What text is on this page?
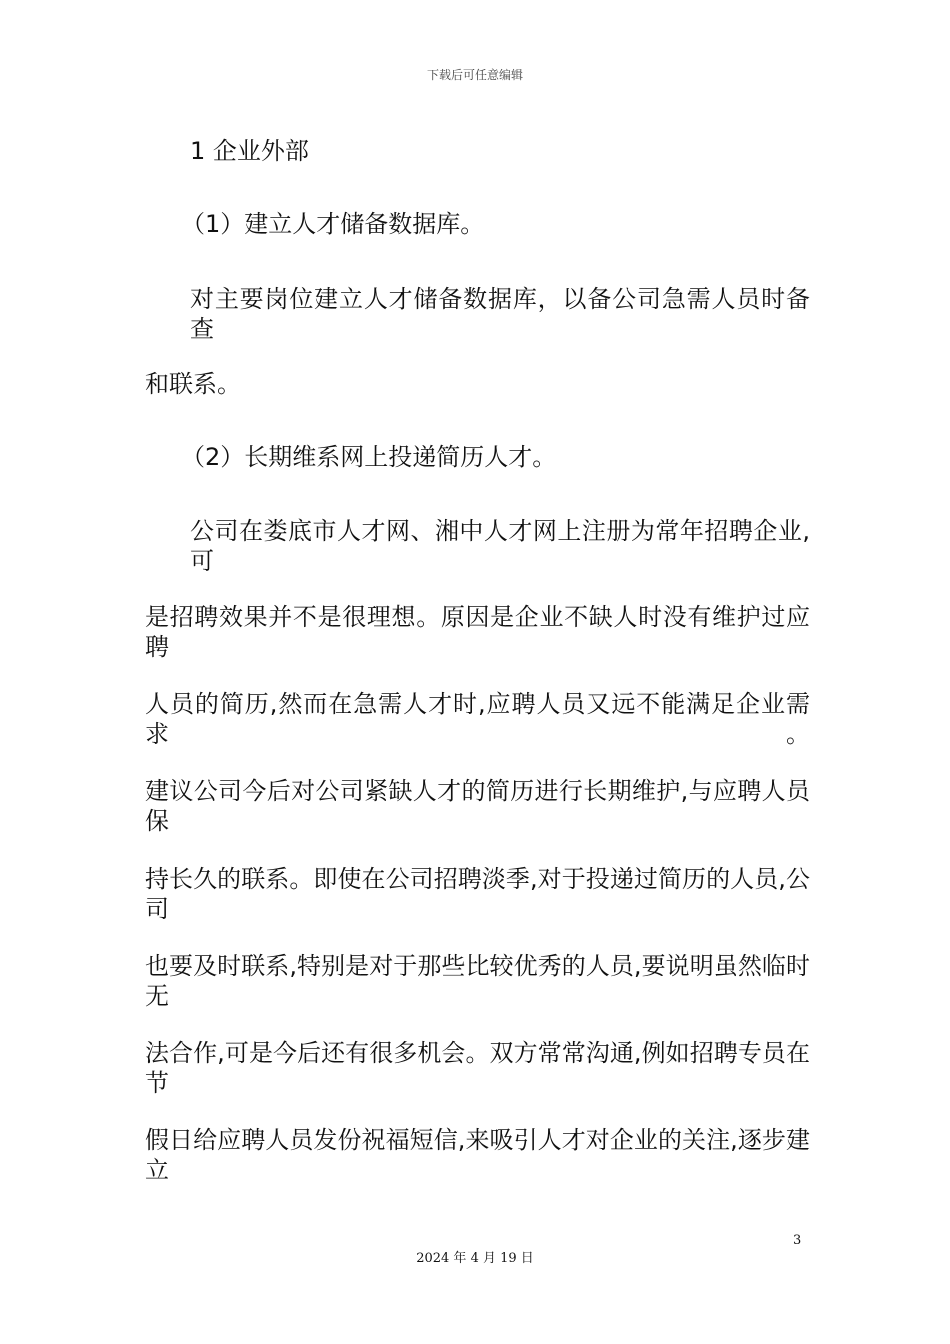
下载后可任意编辑
1 企业外部
（1）建立人才储备数据库。
对主要岗位建立人才储备数据库，以备公司急需人员时备查
和联系。
（2）长期维系网上投递简历人才。
公司在娄底市人才网、湘中人才网上注册为常年招聘企业,可
是招聘效果并不是很理想。原因是企业不缺人时没有维护过应聘
人员的简历,然而在急需人才时,应聘人员又远不能满足企业需求。
建议公司今后对公司紧缺人才的简历进行长期维护,与应聘人员保
持长久的联系。即使在公司招聘淡季,对于投递过简历的人员,公司
也要及时联系,特别是对于那些比较优秀的人员,要说明虽然临时无
法合作,可是今后还有很多机会。双方常常沟通,例如招聘专员在节
假日给应聘人员发份祝福短信,来吸引人才对企业的关注,逐步建立
3
2024 年 4 月 19 日
